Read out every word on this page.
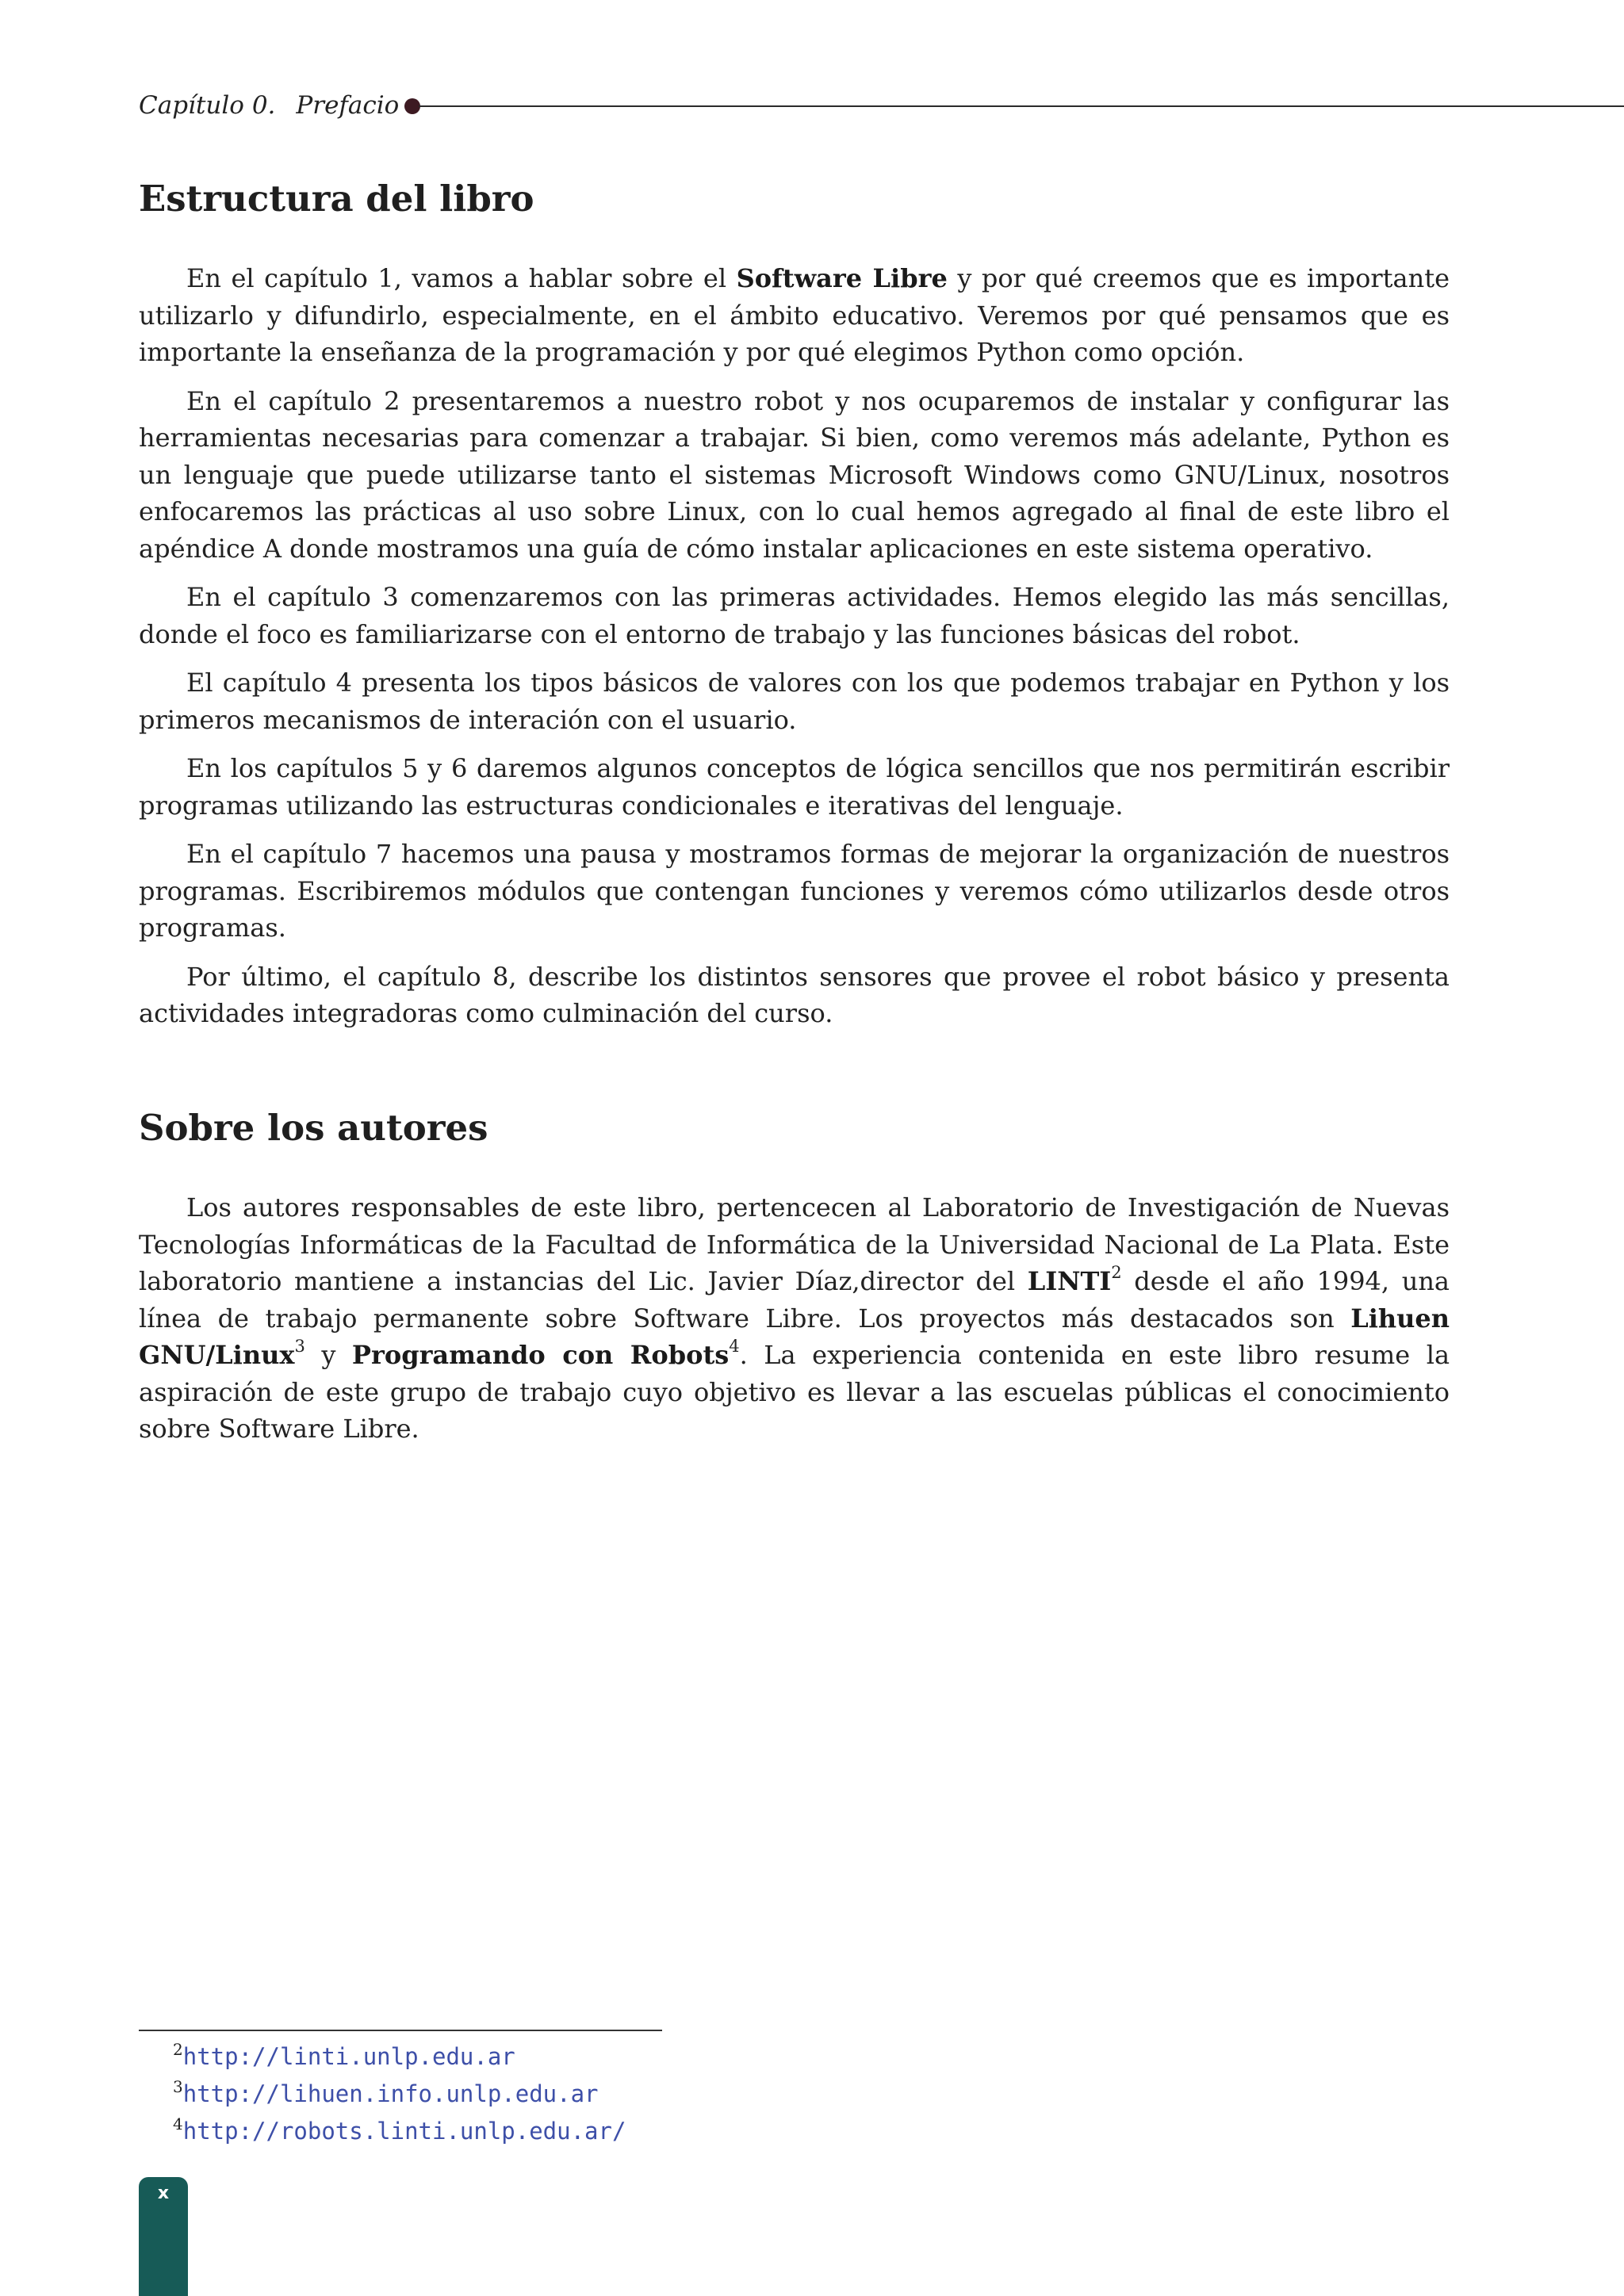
Capítulo 0. Prefacio
Estructura del libro

En el capítulo 1, vamos a hablar sobre el Software Libre y por qué creemos que es importante utilizarlo y difundirlo, especialmente, en el ámbito educativo. Veremos por qué pensamos que es importante la enseñanza de la programación y por qué elegimos Python como opción.

En el capítulo 2 presentaremos a nuestro robot y nos ocuparemos de instalar y configurar las herramientas necesarias para comenzar a trabajar. Si bien, como veremos más adelante, Python es un lenguaje que puede utilizarse tanto el sistemas Microsoft Windows como GNU/Linux, nosotros enfocaremos las prácticas al uso sobre Linux, con lo cual hemos agregado al final de este libro el apéndice A donde mostramos una guía de cómo instalar aplicaciones en este sistema operativo.

En el capítulo 3 comenzaremos con las primeras actividades. Hemos elegido las más sencillas, donde el foco es familiarizarse con el entorno de trabajo y las funciones básicas del robot.

El capítulo 4 presenta los tipos básicos de valores con los que podemos trabajar en Python y los primeros mecanismos de interación con el usuario.

En los capítulos 5 y 6 daremos algunos conceptos de lógica sencillos que nos permitirán escribir programas utilizando las estructuras condicionales e iterativas del lenguaje.

En el capítulo 7 hacemos una pausa y mostramos formas de mejorar la organización de nuestros programas. Escribiremos módulos que contengan funciones y veremos cómo utilizarlos desde otros programas.

Por último, el capítulo 8, describe los distintos sensores que provee el robot básico y presenta actividades integradoras como culminación del curso.

Sobre los autores

Los autores responsables de este libro, pertencecen al Laboratorio de Investigación de Nuevas Tecnologías Informáticas de la Facultad de Informática de la Universidad Nacional de La Plata. Este laboratorio mantiene a instancias del Lic. Javier Díaz,director del LINTI$^2$ desde el año 1994, una línea de trabajo permanente sobre Software Libre. Los proyectos más destacados son Lihuen GNU/Linux$^3$ y Programando con Robots$^4$. La experiencia contenida en este libro resume la aspiración de este grupo de trabajo cuyo objetivo es llevar a las escuelas públicas el conocimiento sobre Software Libre.

$^2$http://linti.unlp.edu.ar
$^3$http://lihuen.info.unlp.edu.ar
$^4$http://robots.linti.unlp.edu.ar/
x
